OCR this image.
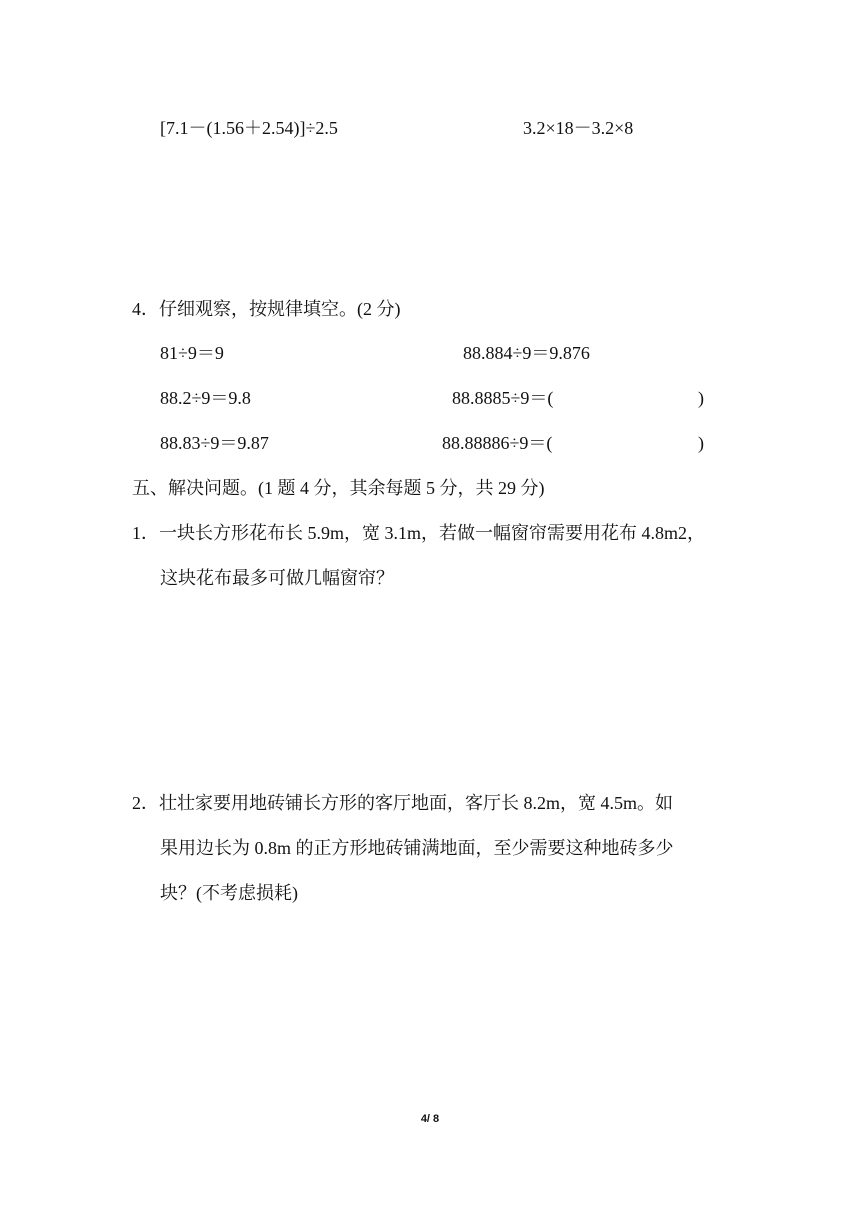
[7.1－(1.56＋2.54)]÷2.5	3.2×18－3.2×8
4．仔细观察，按规律填空。(2 分)
81÷9＝9	88.884÷9＝9.876
88.2÷9＝9.8	88.8885÷9＝(	)
88.83÷9＝9.87	88.88886÷9＝(	)
五、解决问题。(1 题 4 分，其余每题 5 分，共 29 分)
1．一块长方形花布长 5.9m，宽 3.1m，若做一幅窗帘需要用花布 4.8m2，
这块花布最多可做几幅窗帘？
2．壮壮家要用地砖铺长方形的客厅地面，客厅长 8.2m，宽 4.5m。如
果用边长为 0.8m 的正方形地砖铺满地面，至少需要这种地砖多少
块？(不考虑损耗)
4/ 8
